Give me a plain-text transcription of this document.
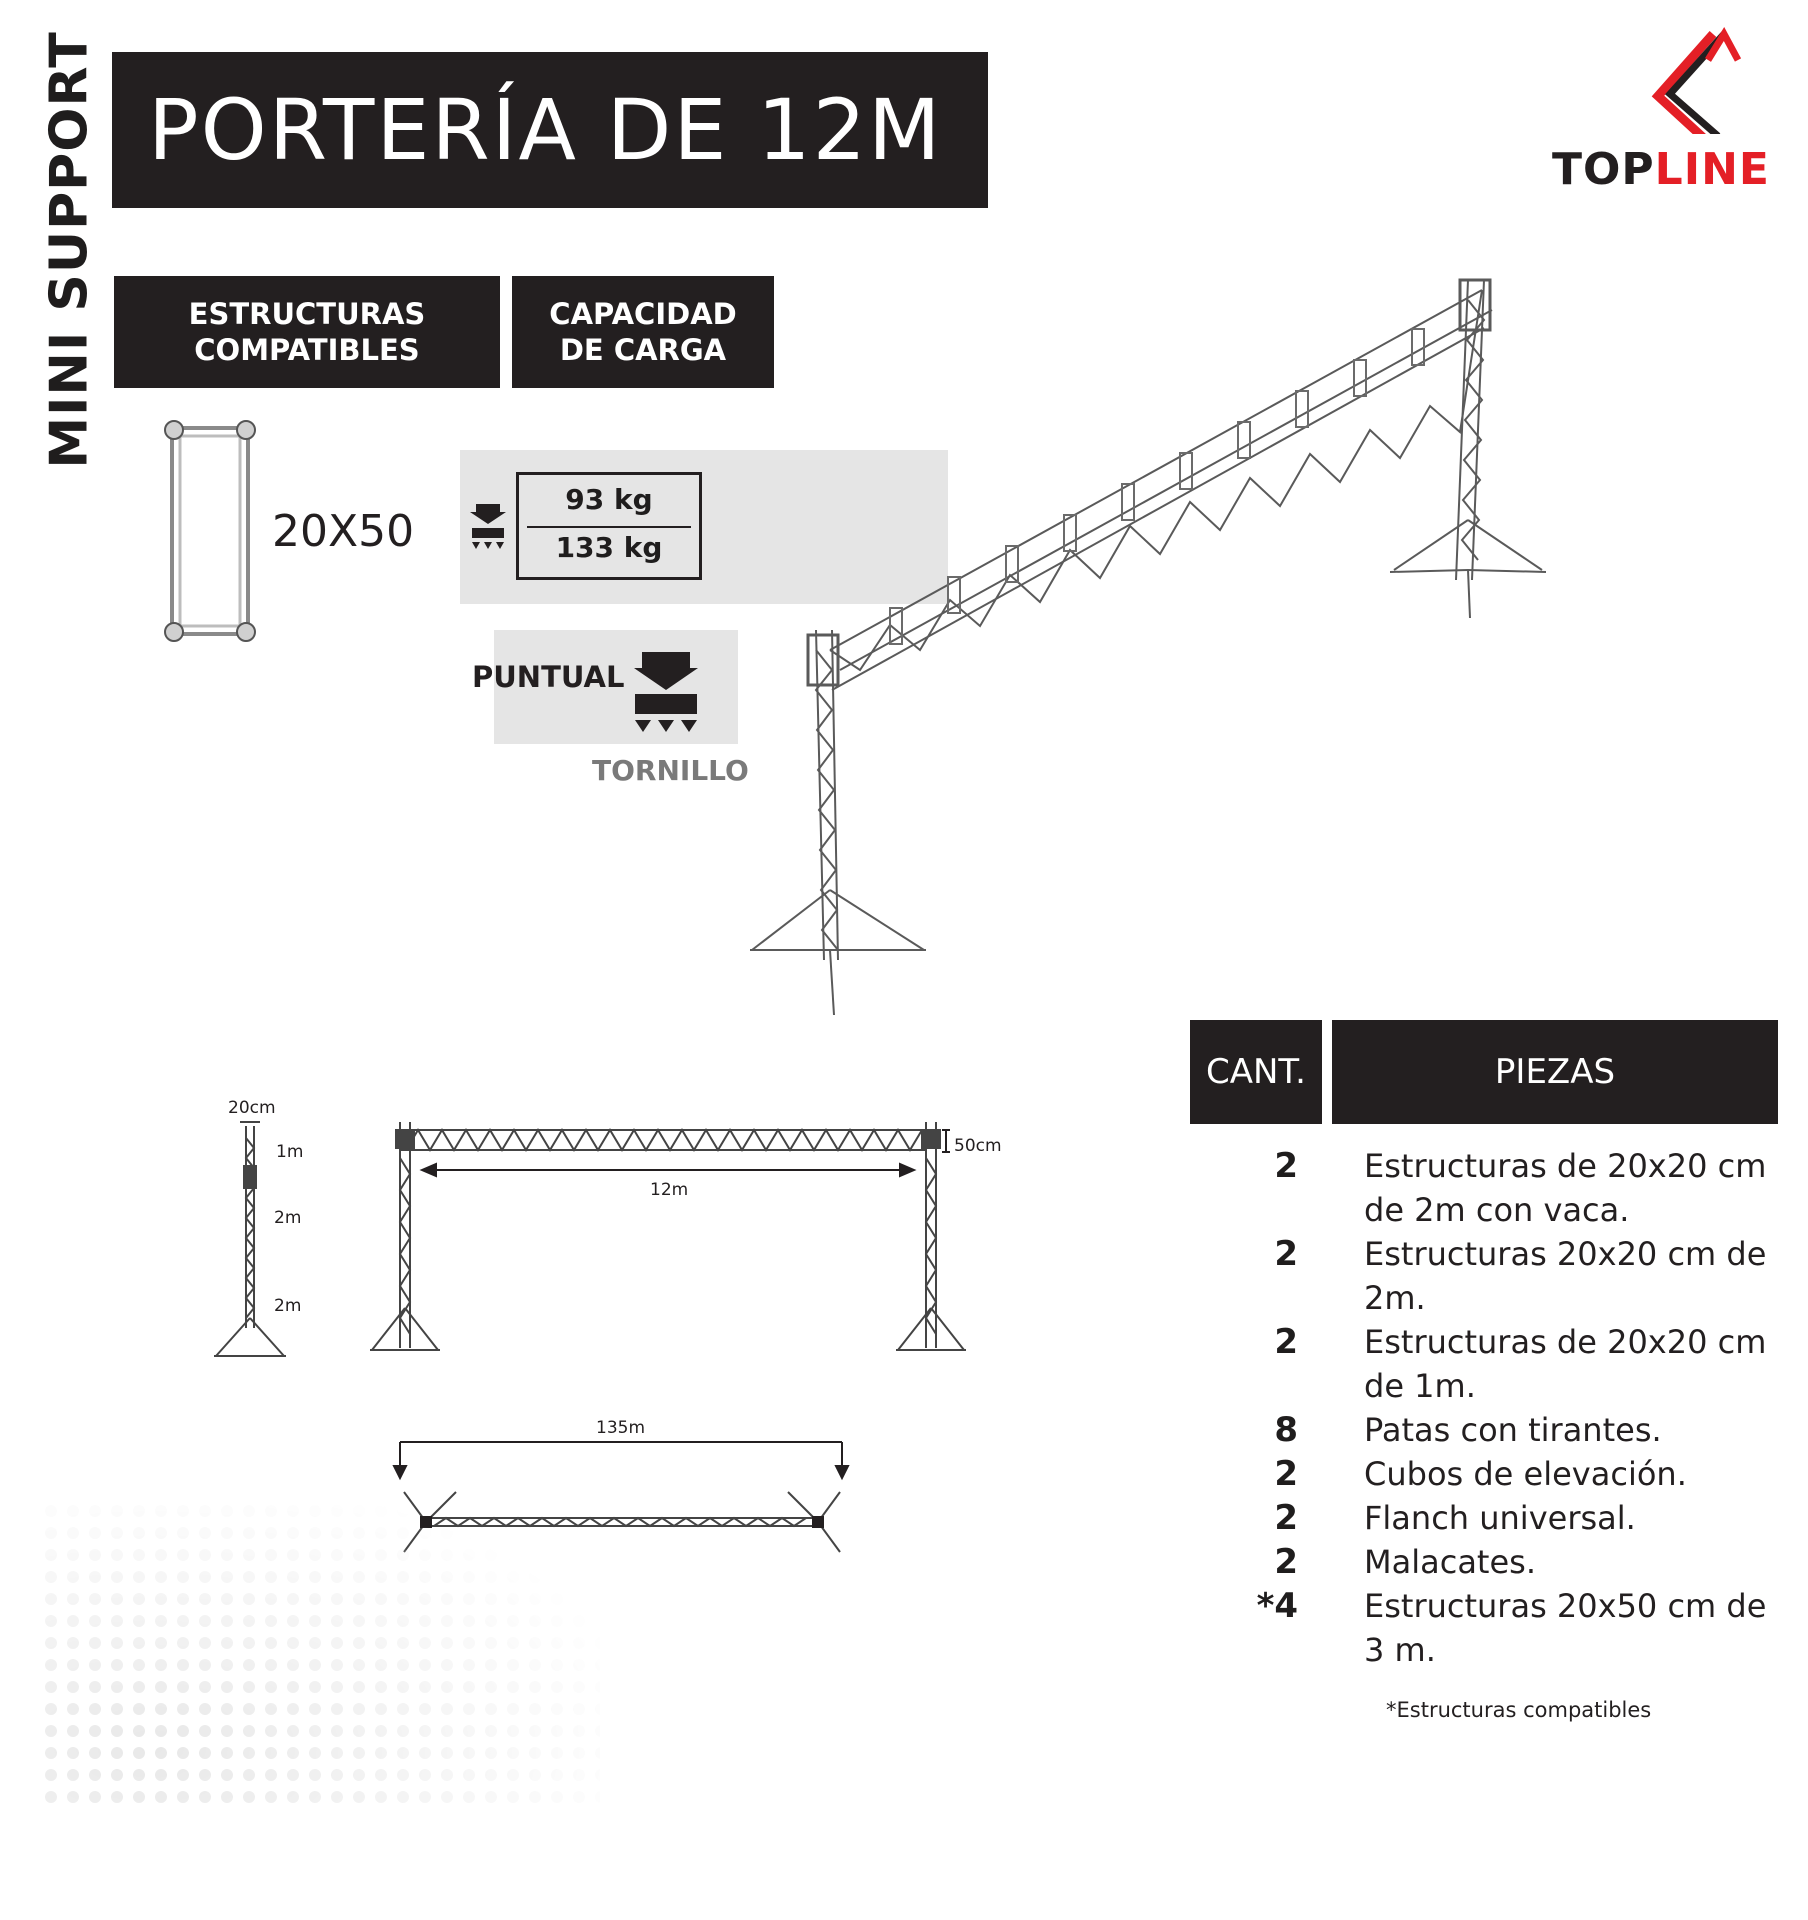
MINI SUPPORT PORTERÍA DE 12M	TOPLINE
ESTRUCTURAS
COMPATIBLES
CAPACIDAD
DE CARGA
20X50
93 kg
133 kg
PUNTUAL
TORNILLO
20cm
1m
2m
2m
12m
50cm
135m
CANT.	PIEZAS
2 Estructuras de 20x20 cm de 2m con vaca.
2 Estructuras 20x20 cm de 2m.
2 Estructuras de 20x20 cm de 1m.
8 Patas con tirantes.
2 Cubos de elevación.
2 Flanch universal.
2 Malacates.
*4 Estructuras 20x50 cm de 3 m.
*Estructuras compatibles
